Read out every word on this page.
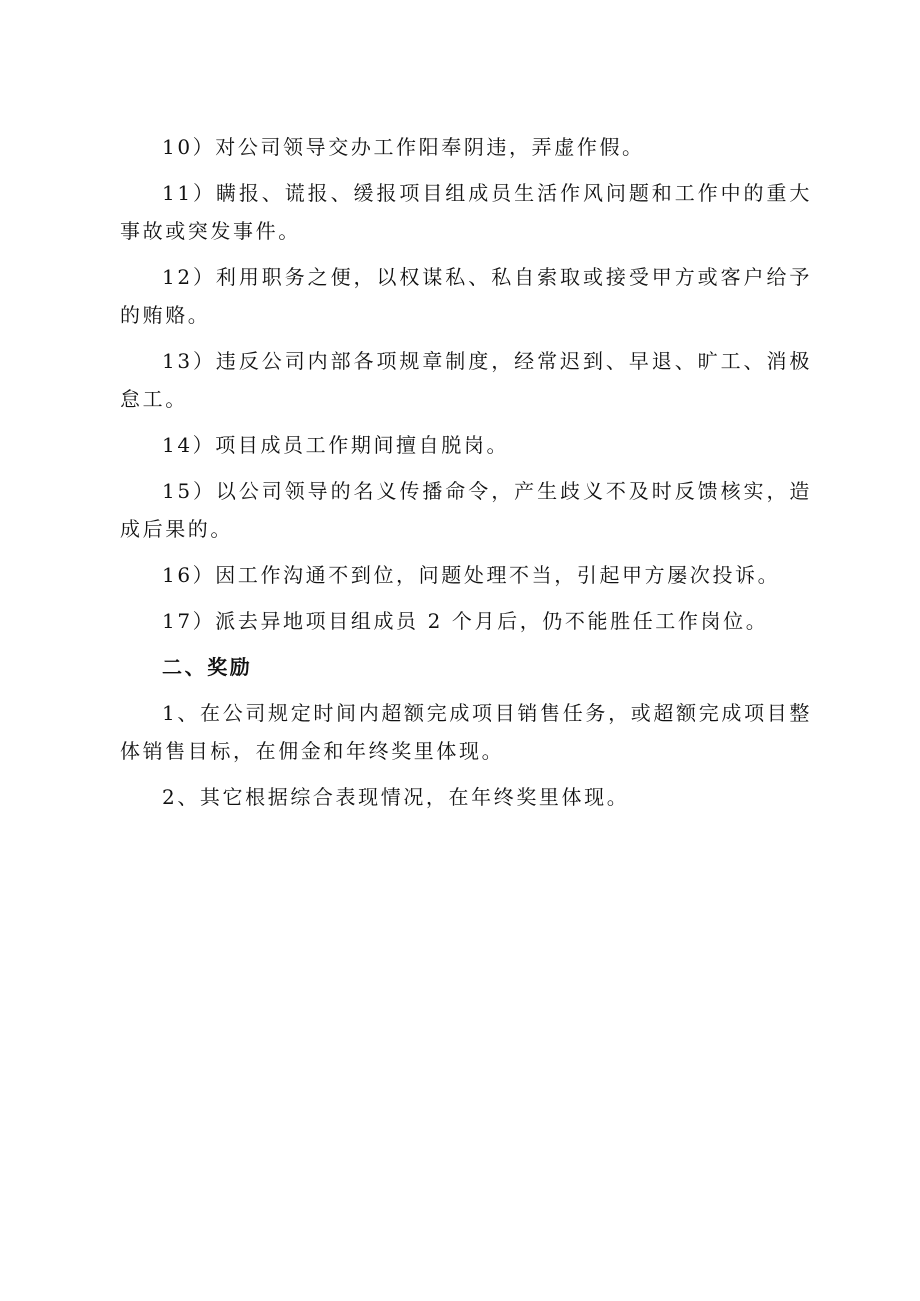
10）对公司领导交办工作阳奉阴违，弄虚作假。

11）瞒报、谎报、缓报项目组成员生活作风问题和工作中的重大事故或突发事件。

12）利用职务之便，以权谋私、私自索取或接受甲方或客户给予的贿赂。

13）违反公司内部各项规章制度，经常迟到、早退、旷工、消极怠工。

14）项目成员工作期间擅自脱岗。

15）以公司领导的名义传播命令，产生歧义不及时反馈核实，造成后果的。

16）因工作沟通不到位，问题处理不当，引起甲方屡次投诉。

17）派去异地项目组成员 2 个月后，仍不能胜任工作岗位。

二、奖励

1、在公司规定时间内超额完成项目销售任务，或超额完成项目整体销售目标，在佣金和年终奖里体现。

2、其它根据综合表现情况，在年终奖里体现。
